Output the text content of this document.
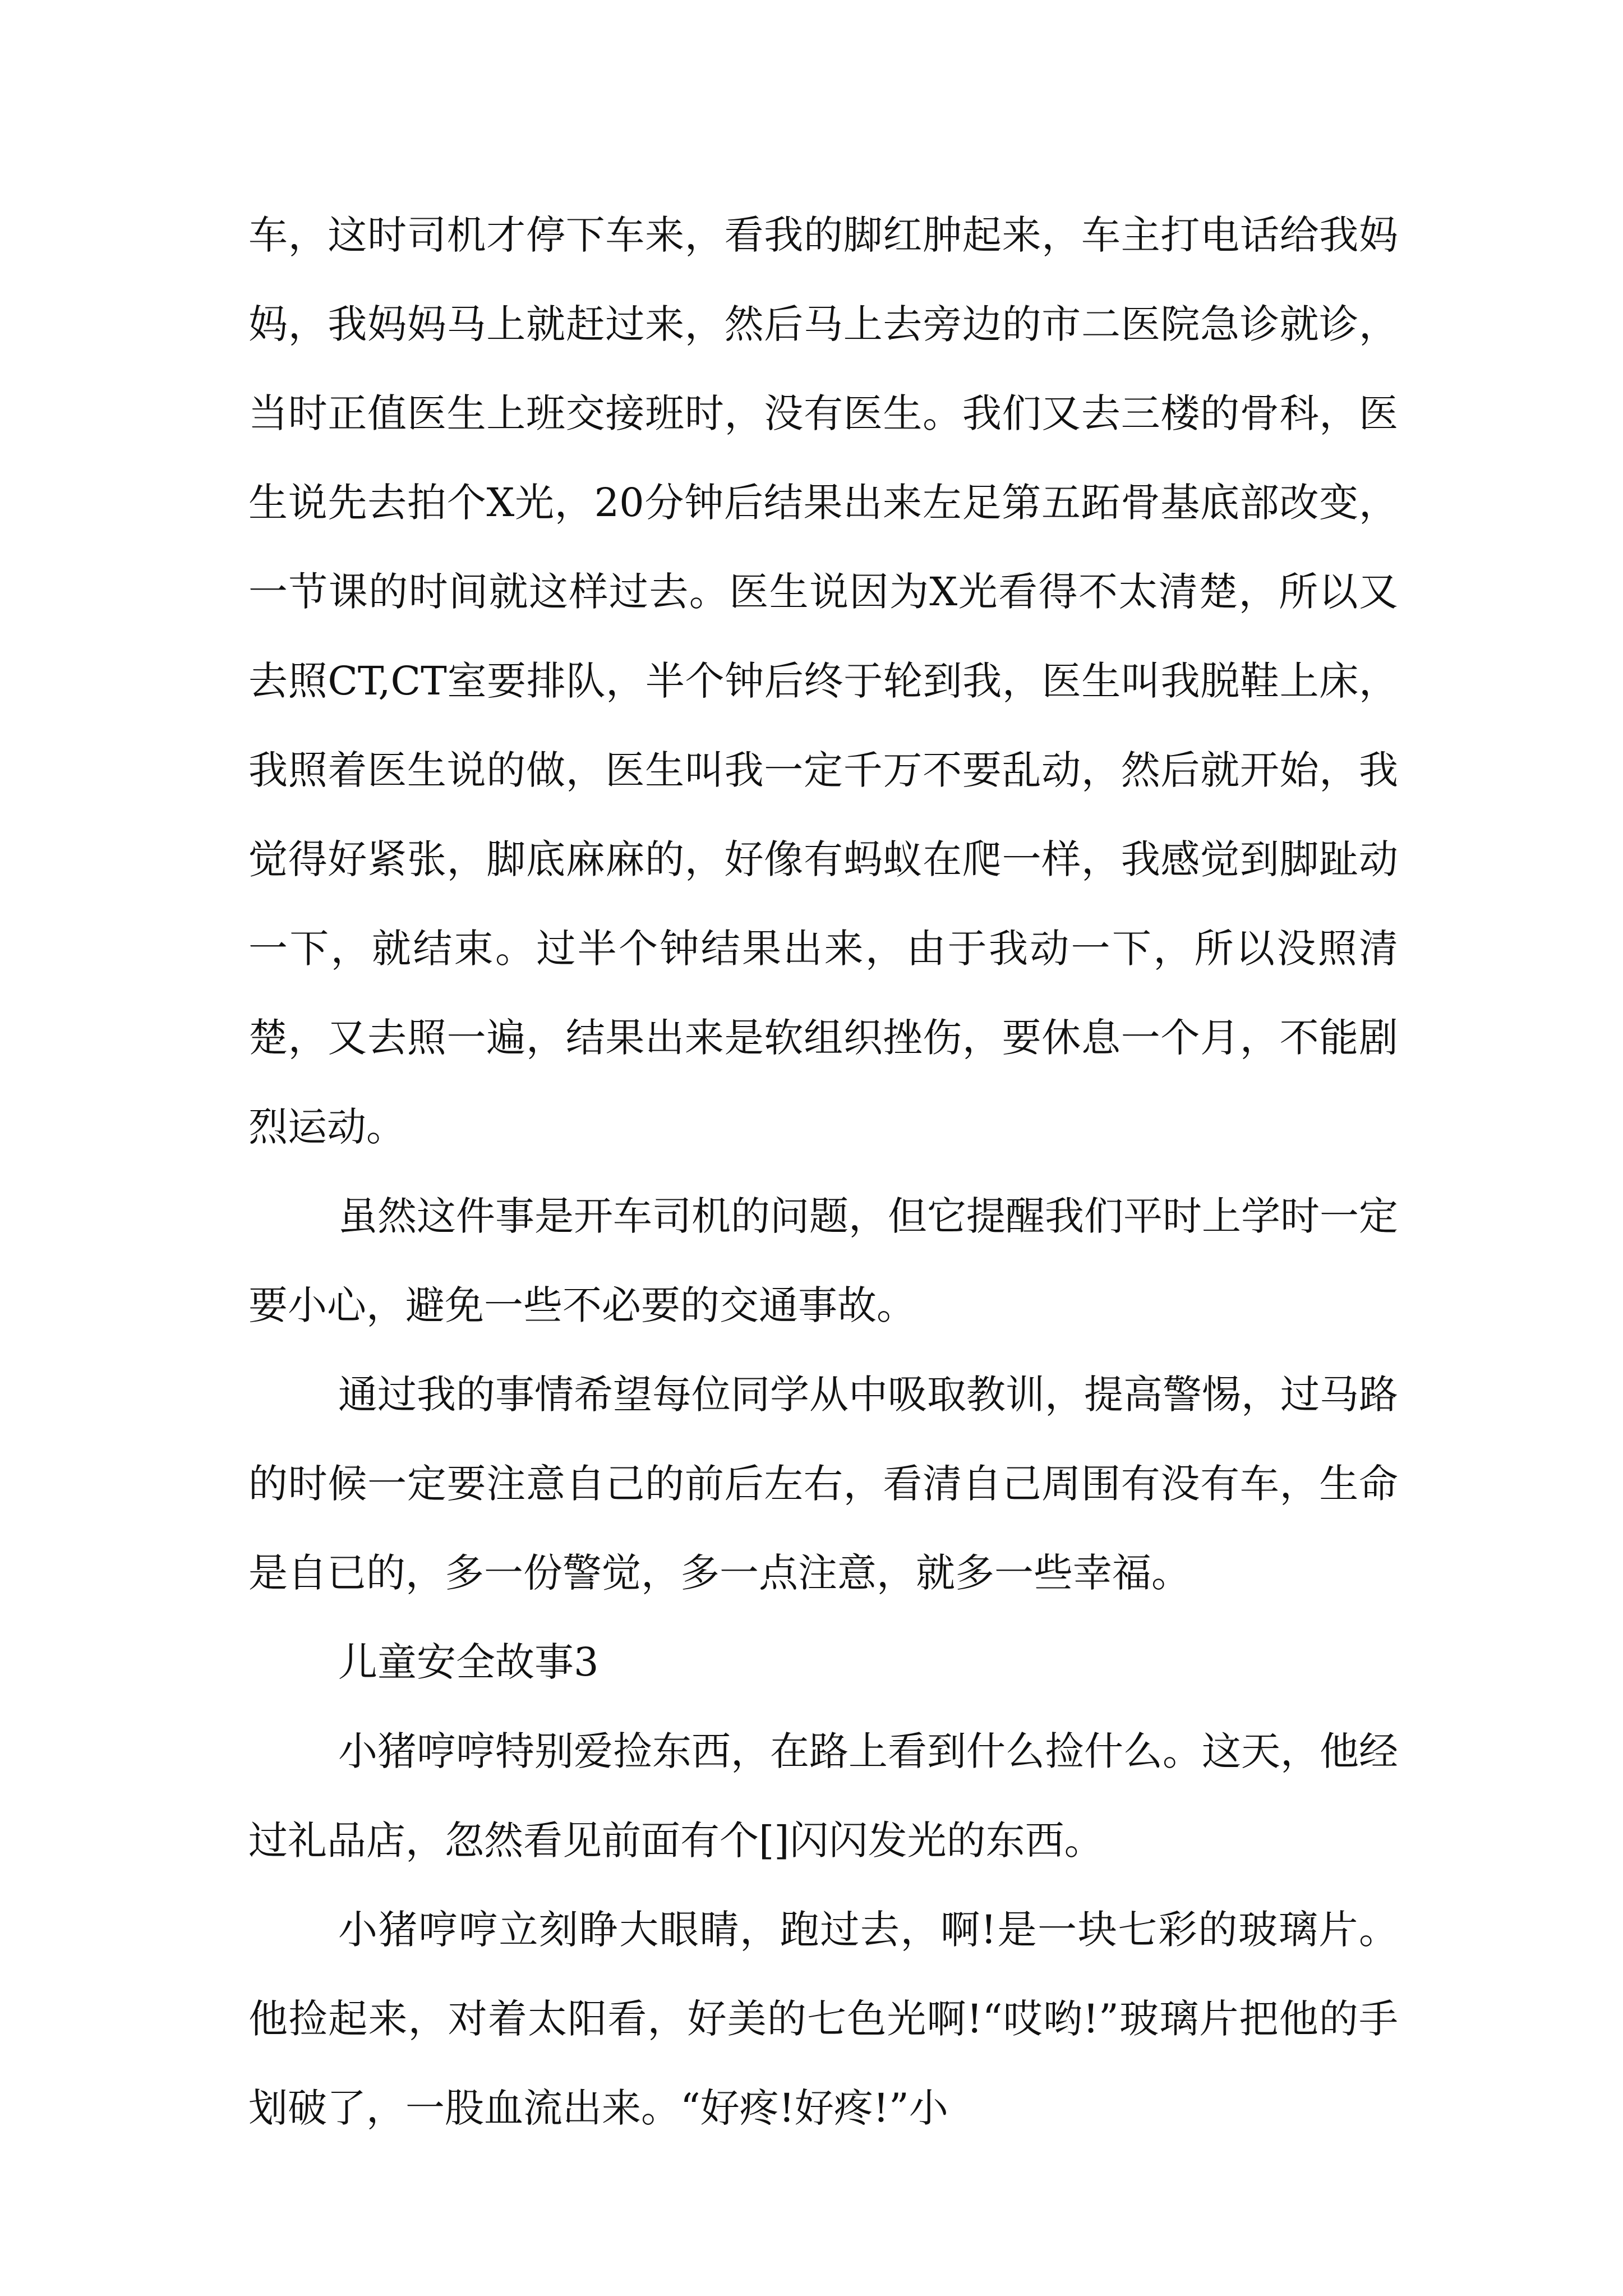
车，这时司机才停下车来，看我的脚红肿起来，车主打电话给我妈妈，我妈妈马上就赶过来，然后马上去旁边的市二医院急诊就诊，当时正值医生上班交接班时，没有医生。我们又去三楼的骨科，医生说先去拍个X光，20分钟后结果出来左足第五跖骨基底部改变，一节课的时间就这样过去。医生说因为X光看得不太清楚，所以又去照CT,CT室要排队，半个钟后终于轮到我，医生叫我脱鞋上床，我照着医生说的做，医生叫我一定千万不要乱动，然后就开始，我觉得好紧张，脚底麻麻的，好像有蚂蚁在爬一样，我感觉到脚趾动一下，就结束。过半个钟结果出来，由于我动一下，所以没照清楚，又去照一遍，结果出来是软组织挫伤，要休息一个月，不能剧烈运动。

虽然这件事是开车司机的问题，但它提醒我们平时上学时一定要小心，避免一些不必要的交通事故。

通过我的事情希望每位同学从中吸取教训，提高警惕，过马路的时候一定要注意自己的前后左右，看清自己周围有没有车，生命是自已的，多一份警觉，多一点注意，就多一些幸福。

儿童安全故事3

小猪哼哼特别爱捡东西，在路上看到什么捡什么。这天，他经过礼品店，忽然看见前面有个[]闪闪发光的东西。

小猪哼哼立刻睁大眼睛，跑过去，啊!是一块七彩的玻璃片。他捡起来，对着太阳看，好美的七色光啊!“哎哟!”玻璃片把他的手划破了，一股血流出来。“好疼!好疼!”小
